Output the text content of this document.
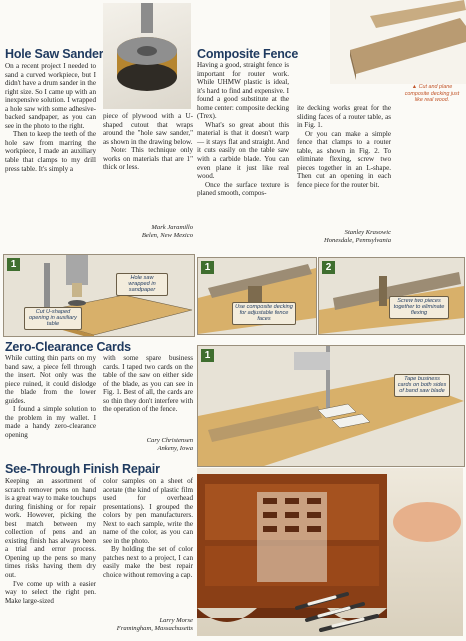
Hole Saw Sander

On a recent project I needed to sand a curved workpiece, but I didn't have a drum sander in the right size. So I came up with an inexpensive solution. I wrapped a hole saw with some adhesive-backed sandpaper, as you can see in the photo to the right.

Then to keep the teeth of the hole saw from marring the workpiece, I made an auxiliary table that clamps to my drill press table. It's simply a

piece of plywood with a U-shaped cutout that wraps around the "hole saw sander," as shown in the drawing below.

Note: This technique only works on materials that are 1" thick or less.

Mark Jaramillo
Belen, New Mexico
1
Hole saw wrapped in sandpaper
Cut U-shaped opening in auxiliary table
Composite Fence

Having a good, straight fence is important for router work. While UHMW plastic is ideal, it's hard to find and expensive. I found a good substitute at the home center: composite decking (Trex).

What's so great about this material is that it doesn't warp — it stays flat and straight. And it cuts easily on the table saw with a carbide blade. You can even plane it just like real wood.

Once the surface texture is planed smooth, compos-

ite decking works great for the sliding faces of a router table, as in Fig. 1.

Or you can make a simple fence that clamps to a router table, as shown in Fig. 2. To eliminate flexing, screw two pieces together in an L-shape. Then cut an opening in each fence piece for the router bit.

Stanley Krasowic
Honesdale, Pennsylvania
▲ Cut and plane composite decking just like real wood.
1
Use composite decking for adjustable fence faces
2
Screw two pieces together to eliminate flexing
Zero-Clearance Cards

While cutting thin parts on my band saw, a piece fell through the insert. Not only was the piece ruined, it could dislodge the blade from the lower guides.

I found a simple solution to the problem in my wallet. I made a handy zero-clearance opening

with some spare business cards. I taped two cards on the table of the saw on either side of the blade, as you can see in Fig. 1. Best of all, the cards are so thin they don't interfere with the operation of the fence.

Cary Christensen
Ankeny, Iowa
1
Tape business cards on both sides of band saw blade
See-Through Finish Repair

Keeping an assortment of scratch remover pens on hand is a great way to make touchups during finishing or for repair work. However, picking the best match between my collection of pens and an existing finish has always been a trial and error process. Opening up the pens so many times risks having them dry out.

I've come up with a easier way to select the right pen. Make large-sized

color samples on a sheet of acetate (the kind of plastic film used for overhead presentations). I grouped the colors by pen manufacturers. Next to each sample, write the name of the color, as you can see in the photo.

By holding the set of color patches next to a project, I can easily make the best repair choice without removing a cap.

Larry Morse
Framingham, Massachusetts
